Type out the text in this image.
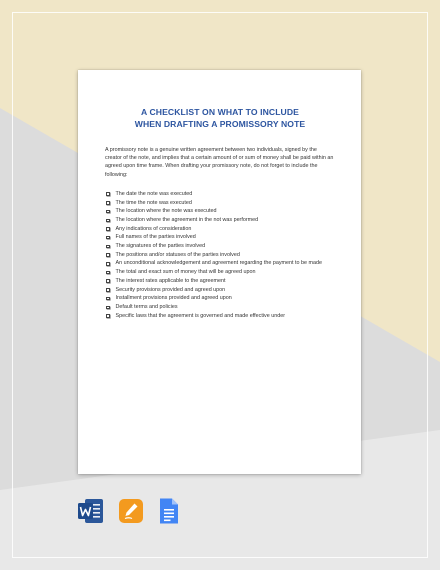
A CHECKLIST ON WHAT TO INCLUDE
WHEN DRAFTING A PROMISSORY NOTE

A promissory note is a genuine written agreement between two individuals, signed by the creator of the note, and implies that a certain amount of or sum of money shall be paid within an agreed upon time frame. When drafting your promissory note, do not forget to include the following:

The date the note was executed
The time the note was executed
The location where the note was executed
The location where the agreement in the not was performed
Any indications of consideration
Full names of the parties involved
The signatures of the parties involved
The positions and/or statuses of the parties involved
An unconditional acknowledgement and agreement regarding the payment to be made
The total and exact sum of money that will be agreed upon
The interest rates applicable to the agreement
Security provisions provided and agreed upon
Installment provisions provided and agreed upon
Default terms and policies
Specific laws that the agreement is governed and made effective under
